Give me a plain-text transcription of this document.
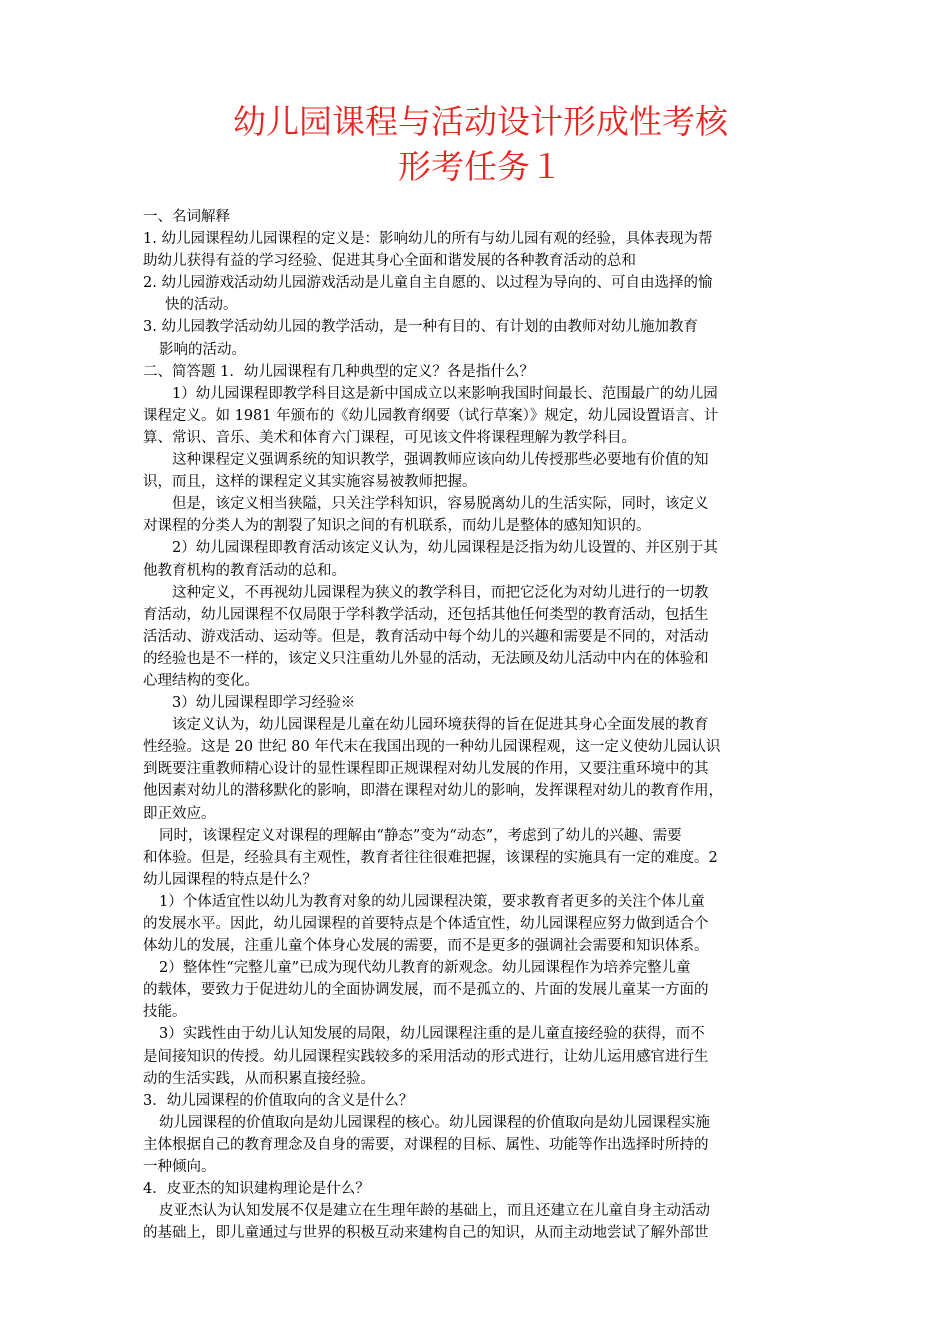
幼儿园课程与活动设计形成性考核
形考任务１

一、名词解释

1. 幼儿园课程幼儿园课程的定义是：影响幼儿的所有与幼儿园有观的经验，具体表现为帮

助幼儿获得有益的学习经验、促进其身心全面和谐发展的各种教育活动的总和

2. 幼儿园游戏活动幼儿园游戏活动是儿童自主自愿的、以过程为导向的、可自由选择的愉

快的活动。

3. 幼儿园教学活动幼儿园的教学活动，是一种有目的、有计划的由教师对幼儿施加教育

影响的活动。

二、简答题 1．幼儿园课程有几种典型的定义？各是指什么？

1）幼儿园课程即教学科目这是新中国成立以来影响我国时间最长、范围最广的幼儿园

课程定义。如 1981 年颁布的《幼儿园教育纲要（试行草案）》规定，幼儿园设置语言、计

算、常识、音乐、美术和体育六门课程，可见该文件将课程理解为教学科目。

这种课程定义强调系统的知识教学，强调教师应该向幼儿传授那些必要地有价值的知

识，而且，这样的课程定义其实施容易被教师把握。

但是，该定义相当狭隘，只关注学科知识，容易脱离幼儿的生活实际，同时，该定义

对课程的分类人为的割裂了知识之间的有机联系，而幼儿是整体的感知知识的。

2）幼儿园课程即教育活动该定义认为，幼儿园课程是泛指为幼儿设置的、并区别于其

他教育机构的教育活动的总和。

这种定义，不再视幼儿园课程为狭义的教学科目，而把它泛化为对幼儿进行的一切教

育活动，幼儿园课程不仅局限于学科教学活动，还包括其他任何类型的教育活动，包括生

活活动、游戏活动、运动等。但是，教育活动中每个幼儿的兴趣和需要是不同的，对活动

的经验也是不一样的，该定义只注重幼儿外显的活动，无法顾及幼儿活动中内在的体验和

心理结构的变化。

3）幼儿园课程即学习经验※

该定义认为，幼儿园课程是儿童在幼儿园环境获得的旨在促进其身心全面发展的教育

性经验。这是 20 世纪 80 年代末在我国出现的一种幼儿园课程观，这一定义使幼儿园认识

到既要注重教师精心设计的显性课程即正规课程对幼儿发展的作用，又要注重环境中的其

他因素对幼儿的潜移默化的影响，即潜在课程对幼儿的影响，发挥课程对幼儿的教育作用，

即正效应。

同时，该课程定义对课程的理解由“静态”变为“动态”，考虑到了幼儿的兴趣、需要

和体验。但是，经验具有主观性，教育者往往很难把握，该课程的实施具有一定的难度。2

幼儿园课程的特点是什么？

1）个体适宜性以幼儿为教育对象的幼儿园课程决策，要求教育者更多的关注个体儿童

的发展水平。因此，幼儿园课程的首要特点是个体适宜性，幼儿园课程应努力做到适合个

体幼儿的发展，注重儿童个体身心发展的需要，而不是更多的强调社会需要和知识体系。

2）整体性“完整儿童”已成为现代幼儿教育的新观念。幼儿园课程作为培养完整儿童

的载体，要致力于促进幼儿的全面协调发展，而不是孤立的、片面的发展儿童某一方面的

技能。

3）实践性由于幼儿认知发展的局限，幼儿园课程注重的是儿童直接经验的获得，而不

是间接知识的传授。幼儿园课程实践较多的采用活动的形式进行，让幼儿运用感官进行生

动的生活实践，从而积累直接经验。

3．幼儿园课程的价值取向的含义是什么？

幼儿园课程的价值取向是幼儿园课程的核心。幼儿园课程的价值取向是幼儿园课程实施

主体根据自己的教育理念及自身的需要，对课程的目标、属性、功能等作出选择时所持的

一种倾向。

4．皮亚杰的知识建构理论是什么？

皮亚杰认为认知发展不仅是建立在生理年龄的基础上，而且还建立在儿童自身主动活动

的基础上，即儿童通过与世界的积极互动来建构自己的知识，从而主动地尝试了解外部世
